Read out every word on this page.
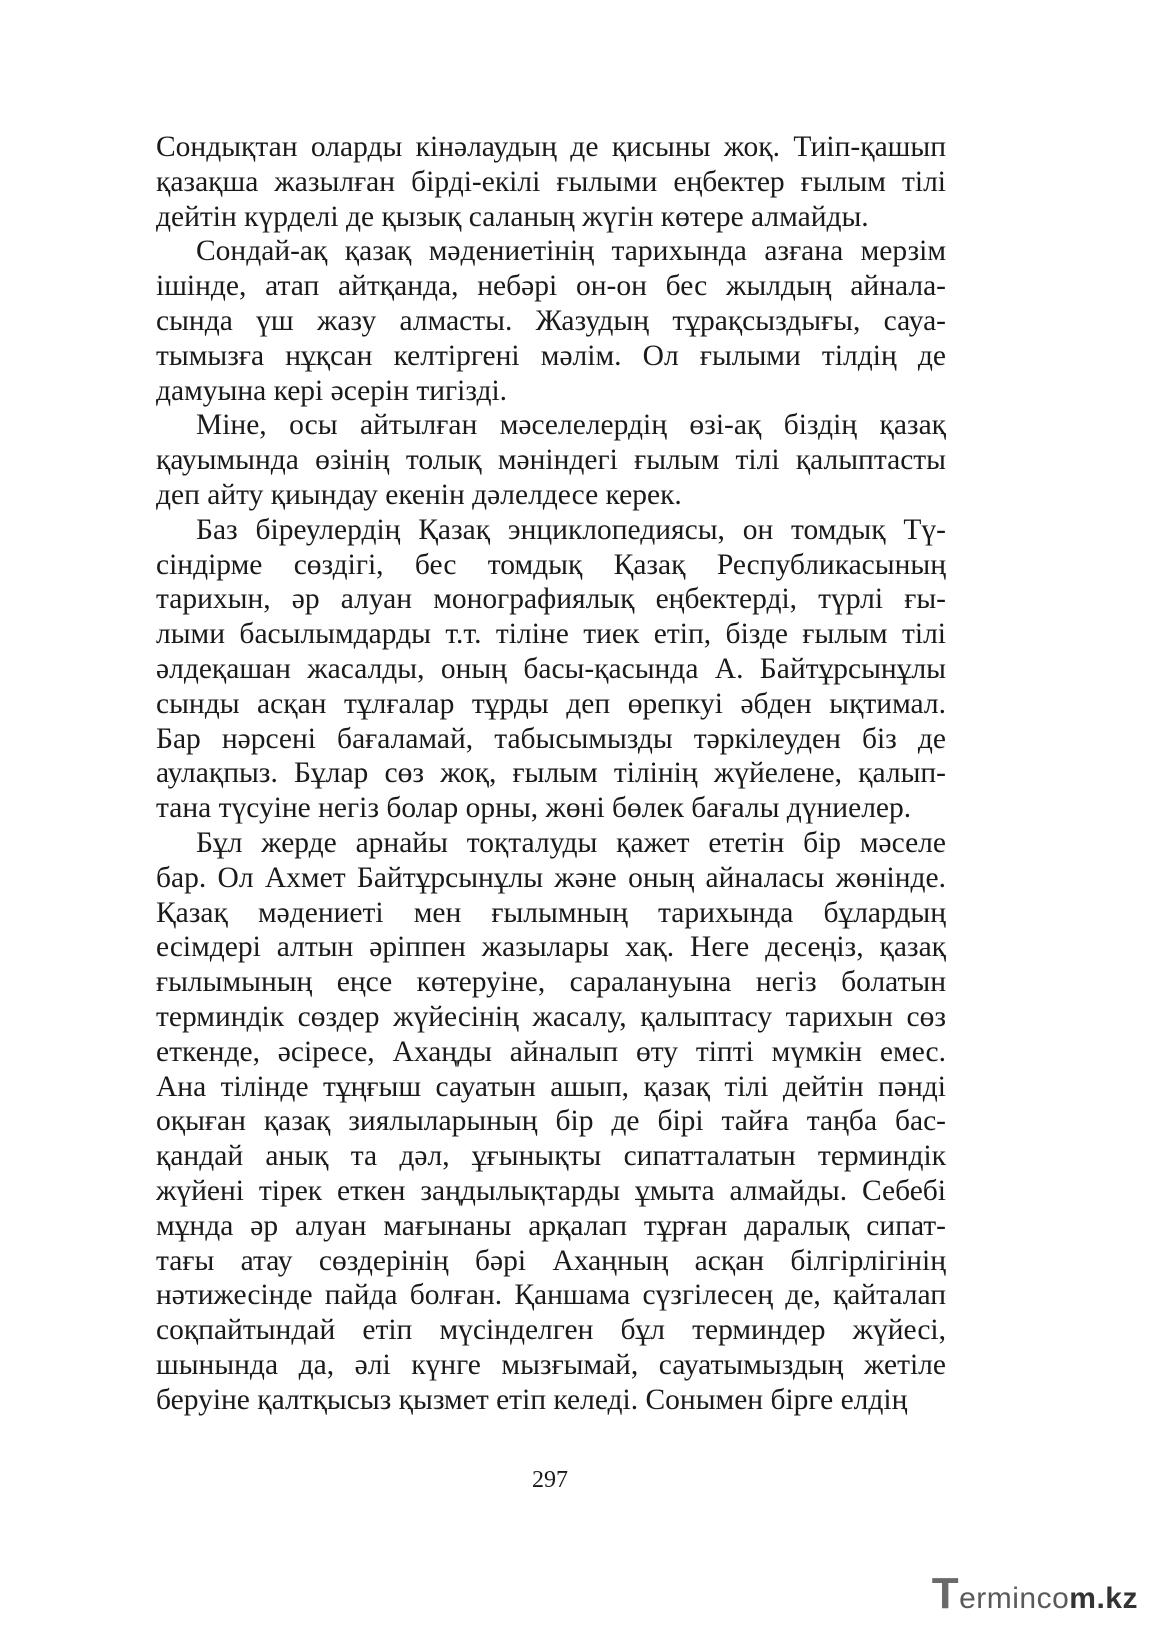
Сондықтан оларды кінәлаудың де қисыны жоқ. Тиіп-қашып
қазақша жазылған бірді-екілі ғылыми еңбектер ғылым тілі
дейтін күрделі де қызық саланың жүгін көтере алмайды.
Сондай-ақ қазақ мәдениетінің тарихында азғана мерзім
ішінде, атап айтқанда, небәрі он-он бес жылдың айнала-
сында үш жазу алмасты. Жазудың тұрақсыздығы, сауа-
тымызға нұқсан келтіргені мәлім. Ол ғылыми тілдің де
дамуына кері әсерін тигізді.
Міне, осы айтылған мәселелердің өзі-ақ біздің қазақ
қауымында өзінің толық мәніндегі ғылым тілі қалыптасты
деп айту қиындау екенін дәлелдесе керек.
Баз біреулердің Қазақ энциклопедиясы, он томдық Тү-
сіндірме сөздігі, бес томдық Қазақ Республикасының
тарихын, әр алуан монографиялық еңбектерді, түрлі ғы-
лыми басылымдарды т.т. тіліне тиек етіп, бізде ғылым тілі
әлдеқашан жасалды, оның басы-қасында А. Байтұрсынұлы
сынды асқан тұлғалар тұрды деп өрепкуі әбден ықтимал.
Бар нәрсені бағаламай, табысымызды тәркілеуден біз де
аулақпыз. Бұлар сөз жоқ, ғылым тілінің жүйелене, қалып-
тана түсуіне негіз болар орны, жөні бөлек бағалы дүниелер.
Бұл жерде арнайы тоқталуды қажет ететін бір мәселе
бар. Ол Ахмет Байтұрсынұлы және оның айналасы жөнінде.
Қазақ мәдениеті мен ғылымның тарихында бұлардың
есімдері алтын әріппен жазылары хақ. Неге десеңіз, қазақ
ғылымының еңсе көтеруіне, саралануына негіз болатын
терминдік сөздер жүйесінің жасалу, қалыптасу тарихын сөз
еткенде, әсіресе, Ахаңды айналып өту тіпті мүмкін емес.
Ана тілінде тұңғыш сауатын ашып, қазақ тілі дейтін пәнді
оқыған қазақ зиялыларының бір де бірі тайға таңба бас-
қандай анық та дәл, ұғынықты сипатталатын терминдік
жүйені тірек еткен заңдылықтарды ұмыта алмайды. Себебі
мұнда әр алуан мағынаны арқалап тұрған даралық сипат-
тағы атау сөздерінің бәрі Ахаңның асқан білгірлігінің
нәтижесінде пайда болған. Қаншама сүзгілесең де, қайталап
соқпайтындай етіп мүсінделген бұл терминдер жүйесі,
шынында да, әлі күнге мызғымай, сауатымыздың жетіле
беруіне қалтқысыз қызмет етіп келеді. Сонымен бірге елдің
297
Termincom.kz
